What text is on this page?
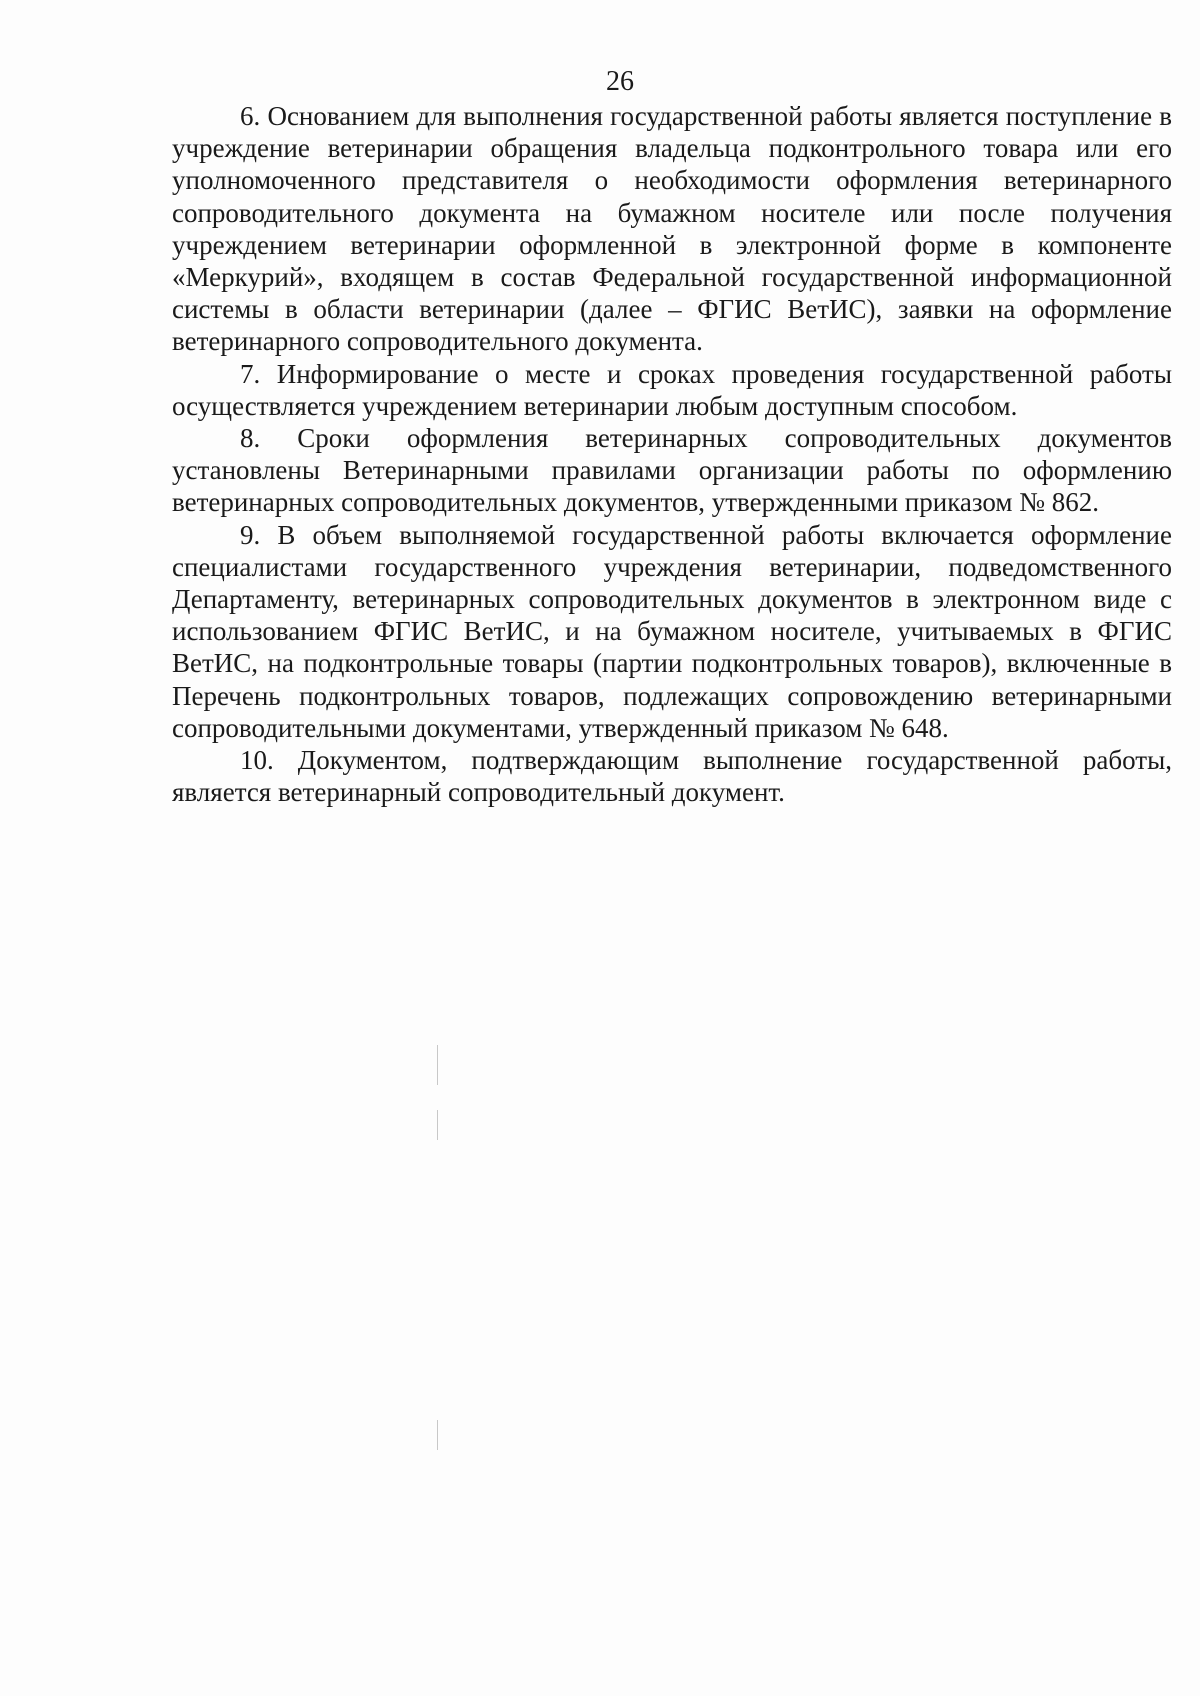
26

6. Основанием для выполнения государственной работы является поступление в учреждение ветеринарии обращения владельца подконтрольного товара или его уполномоченного представителя о необходимости оформления ветеринарного сопроводительного документа на бумажном носителе или после получения учреждением ветеринарии оформленной в электронной форме в компоненте «Меркурий», входящем в состав Федеральной государственной информационной системы в области ветеринарии (далее – ФГИС ВетИС), заявки на оформление ветеринарного сопроводительного документа.

7. Информирование о месте и сроках проведения государственной работы осуществляется учреждением ветеринарии любым доступным способом.

8. Сроки оформления ветеринарных сопроводительных документов установлены Ветеринарными правилами организации работы по оформлению ветеринарных сопроводительных документов, утвержденными приказом № 862.

9. В объем выполняемой государственной работы включается оформление специалистами государственного учреждения ветеринарии, подведомственного Департаменту, ветеринарных сопроводительных документов в электронном виде с использованием ФГИС ВетИС, и на бумажном носителе, учитываемых в ФГИС ВетИС, на подконтрольные товары (партии подконтрольных товаров), включенные в Перечень подконтрольных товаров, подлежащих сопровождению ветеринарными сопроводительными документами, утвержденный приказом № 648.

10. Документом, подтверждающим выполнение государственной работы, является ветеринарный сопроводительный документ.
